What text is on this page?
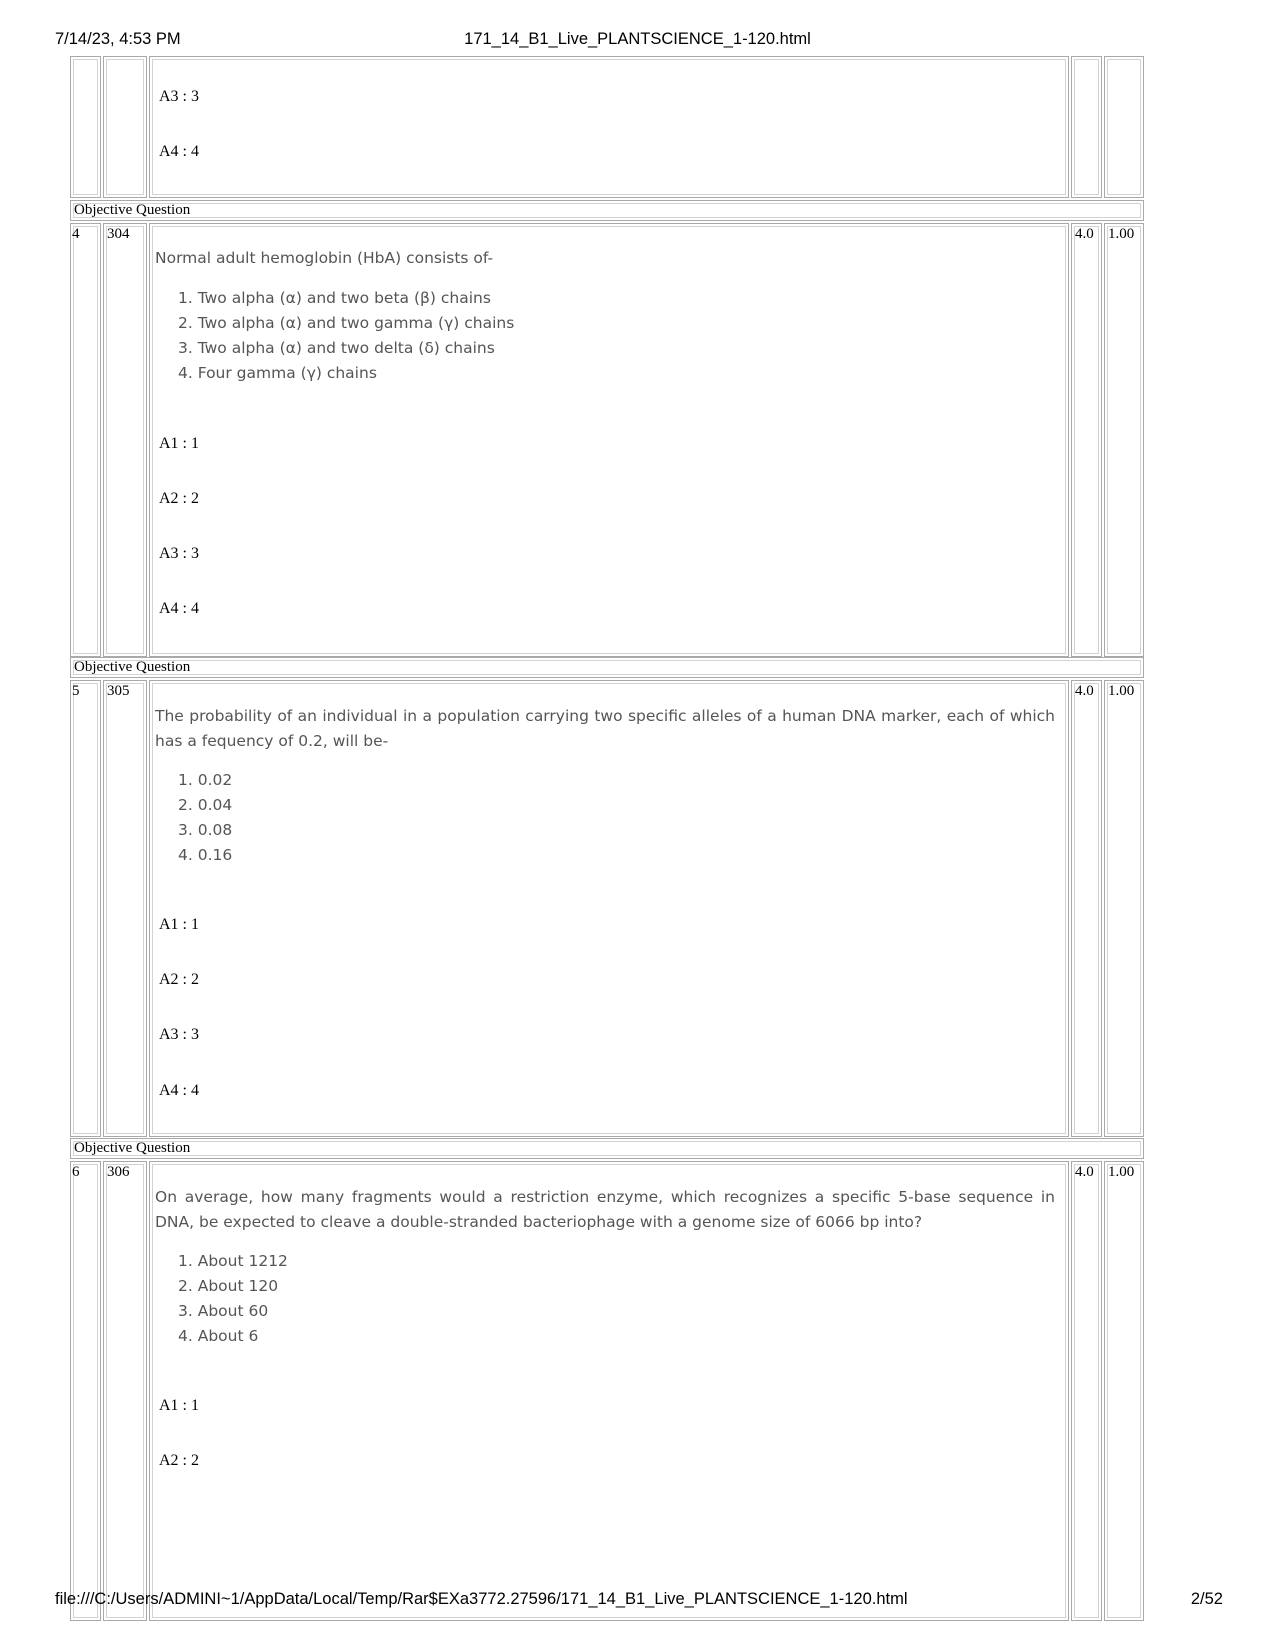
7/14/23, 4:53 PM	171_14_B1_Live_PLANTSCIENCE_1-120.html
A3 : 3
A4 : 4
Objective Question
4 304
Normal adult hemoglobin (HbA) consists of-
1. Two alpha (α) and two beta (β) chains
2. Two alpha (α) and two gamma (γ) chains
3. Two alpha (α) and two delta (δ) chains
4. Four gamma (γ) chains
A1 : 1
A2 : 2
A3 : 3
A4 : 4
4.0 1.00
Objective Question
5 305
The probability of an individual in a population carrying two specific alleles of a human DNA marker, each of which has a fequency of 0.2, will be-
1. 0.02
2. 0.04
3. 0.08
4. 0.16
A1 : 1
A2 : 2
A3 : 3
A4 : 4
4.0 1.00
Objective Question
6 306
On average, how many fragments would a restriction enzyme, which recognizes a specific 5-base sequence in DNA, be expected to cleave a double-stranded bacteriophage with a genome size of 6066 bp into?
1. About 1212
2. About 120
3. About 60
4. About 6
A1 : 1
A2 : 2
4.0 1.00
file:///C:/Users/ADMINI~1/AppData/Local/Temp/Rar$EXa3772.27596/171_14_B1_Live_PLANTSCIENCE_1-120.html	2/52
